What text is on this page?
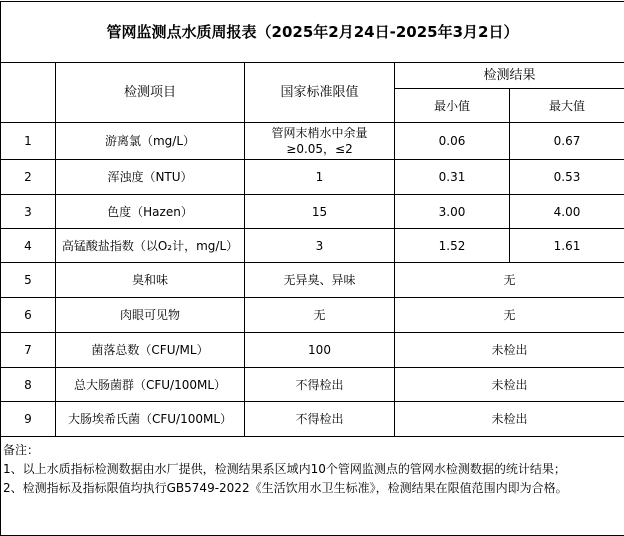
管网监测点水质周报表（2025年2月24日-2025年3月2日）				
	检测项目	国家标准限值	检测结果	
			最小值	最大值
1	游离氯（mg/L）	管网末梢水中余量≥0.05，≤2	0.06	0.67
2	浑浊度（NTU）	1	0.31	0.53
3	色度（Hazen）	15	3.00	4.00
4	高锰酸盐指数（以O₂计，mg/L）	3	1.52	1.61
5	臭和味	无异臭、异味	无	
6	肉眼可见物	无	无	
7	菌落总数（CFU/ML）	100	未检出	
8	总大肠菌群（CFU/100ML）	不得检出	未检出	
9	大肠埃希氏菌（CFU/100ML）	不得检出	未检出	

备注：
1、以上水质指标检测数据由水厂提供，检测结果系区域内10个管网监测点的管网水检测数据的统计结果；
2、检测指标及指标限值均执行GB5749-2022《生活饮用水卫生标准》，检测结果在限值范围内即为合格。				
